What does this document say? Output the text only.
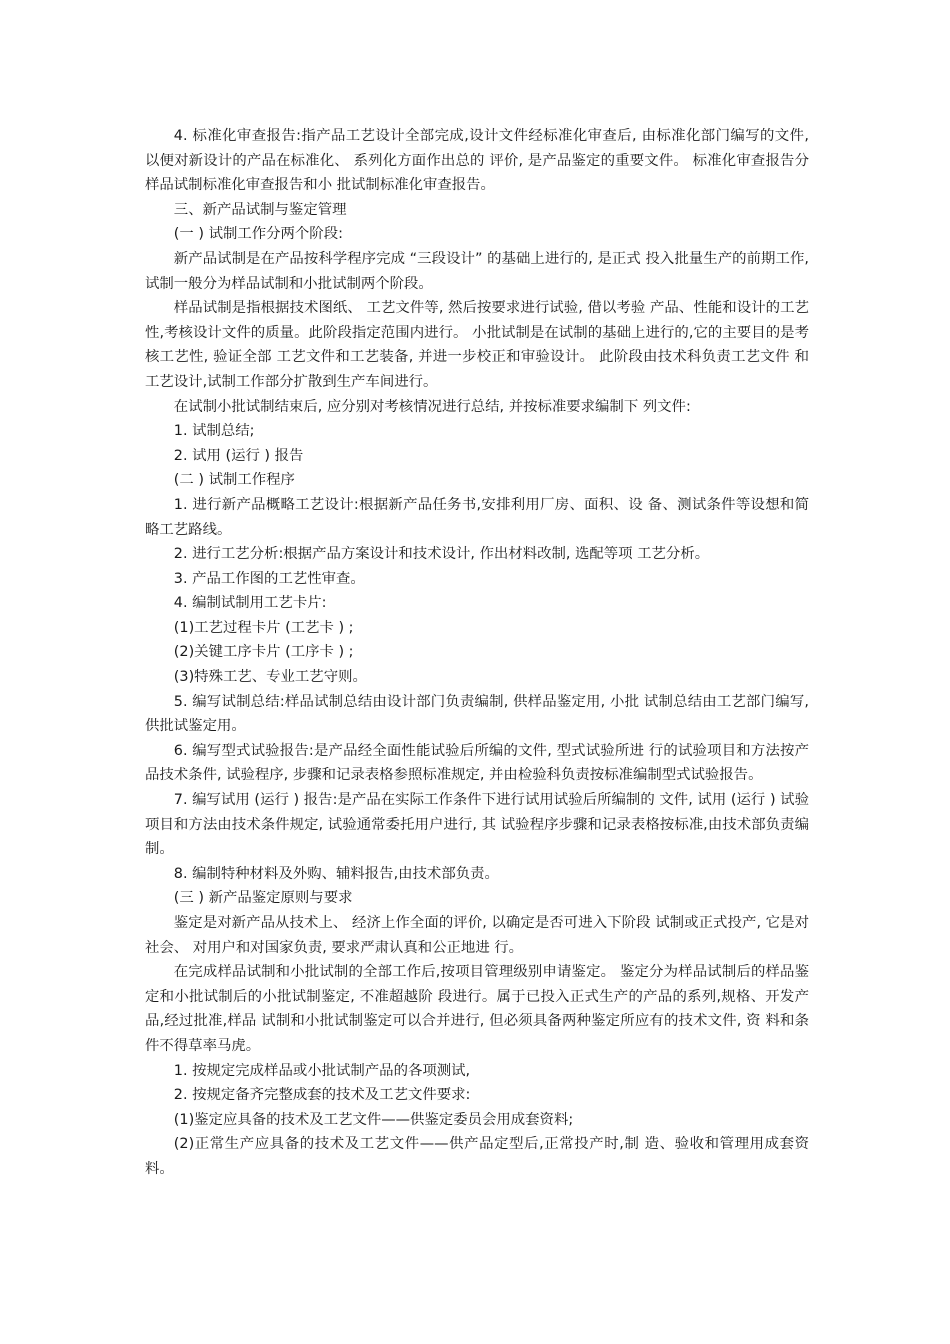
4. 标准化审查报告:指产品工艺设计全部完成,设计文件经标准化审查后, 由标准化部门编写的文件, 以便对新设计的产品在标准化、 系列化方面作出总的 评价, 是产品鉴定的重要文件。 标准化审查报告分样品试制标准化审查报告和小 批试制标准化审查报告。

三、新产品试制与鉴定管理

(一 ) 试制工作分两个阶段:

新产品试制是在产品按科学程序完成 “三段设计” 的基础上进行的, 是正式 投入批量生产的前期工作,试制一般分为样品试制和小批试制两个阶段。

样品试制是指根据技术图纸、 工艺文件等, 然后按要求进行试验, 借以考验 产品、性能和设计的工艺性,考核设计文件的质量。此阶段指定范围内进行。 小批试制是在试制的基础上进行的,它的主要目的是考核工艺性, 验证全部 工艺文件和工艺装备, 并进一步校正和审验设计。 此阶段由技术科负责工艺文件 和工艺设计,试制工作部分扩散到生产车间进行。

在试制小批试制结束后, 应分别对考核情况进行总结, 并按标准要求编制下 列文件:

1. 试制总结;

2. 试用 (运行 ) 报告

(二 ) 试制工作程序

1. 进行新产品概略工艺设计:根据新产品任务书,安排利用厂房、面积、设 备、测试条件等设想和简略工艺路线。

2. 进行工艺分析:根据产品方案设计和技术设计, 作出材料改制, 选配等项 工艺分析。

3. 产品工作图的工艺性审查。

4. 编制试制用工艺卡片:

(1)工艺过程卡片 (工艺卡 ) ;

(2)关键工序卡片 (工序卡 ) ;

(3)特殊工艺、专业工艺守则。

5. 编写试制总结:样品试制总结由设计部门负责编制, 供样品鉴定用, 小批 试制总结由工艺部门编写,供批试鉴定用。

6. 编写型式试验报告:是产品经全面性能试验后所编的文件, 型式试验所进 行的试验项目和方法按产品技术条件, 试验程序, 步骤和记录表格参照标准规定, 并由检验科负责按标准编制型式试验报告。

7. 编写试用 (运行 ) 报告:是产品在实际工作条件下进行试用试验后所编制的 文件, 试用 (运行 ) 试验项目和方法由技术条件规定, 试验通常委托用户进行, 其 试验程序步骤和记录表格按标准,由技术部负责编制。

8. 编制特种材料及外购、辅料报告,由技术部负责。

(三 ) 新产品鉴定原则与要求

鉴定是对新产品从技术上、 经济上作全面的评价, 以确定是否可进入下阶段 试制或正式投产, 它是对社会、 对用户和对国家负责, 要求严肃认真和公正地进 行。

在完成样品试制和小批试制的全部工作后,按项目管理级别申请鉴定。 鉴定分为样品试制后的样品鉴定和小批试制后的小批试制鉴定, 不准超越阶 段进行。属于已投入正式生产的产品的系列,规格、开发产品,经过批准,样品 试制和小批试制鉴定可以合并进行, 但必须具备两种鉴定所应有的技术文件, 资 料和条件不得草率马虎。

1. 按规定完成样品或小批试制产品的各项测试,

2. 按规定备齐完整成套的技术及工艺文件要求:

(1)鉴定应具备的技术及工艺文件——供鉴定委员会用成套资料;

(2)正常生产应具备的技术及工艺文件——供产品定型后,正常投产时,制 造、验收和管理用成套资料。
